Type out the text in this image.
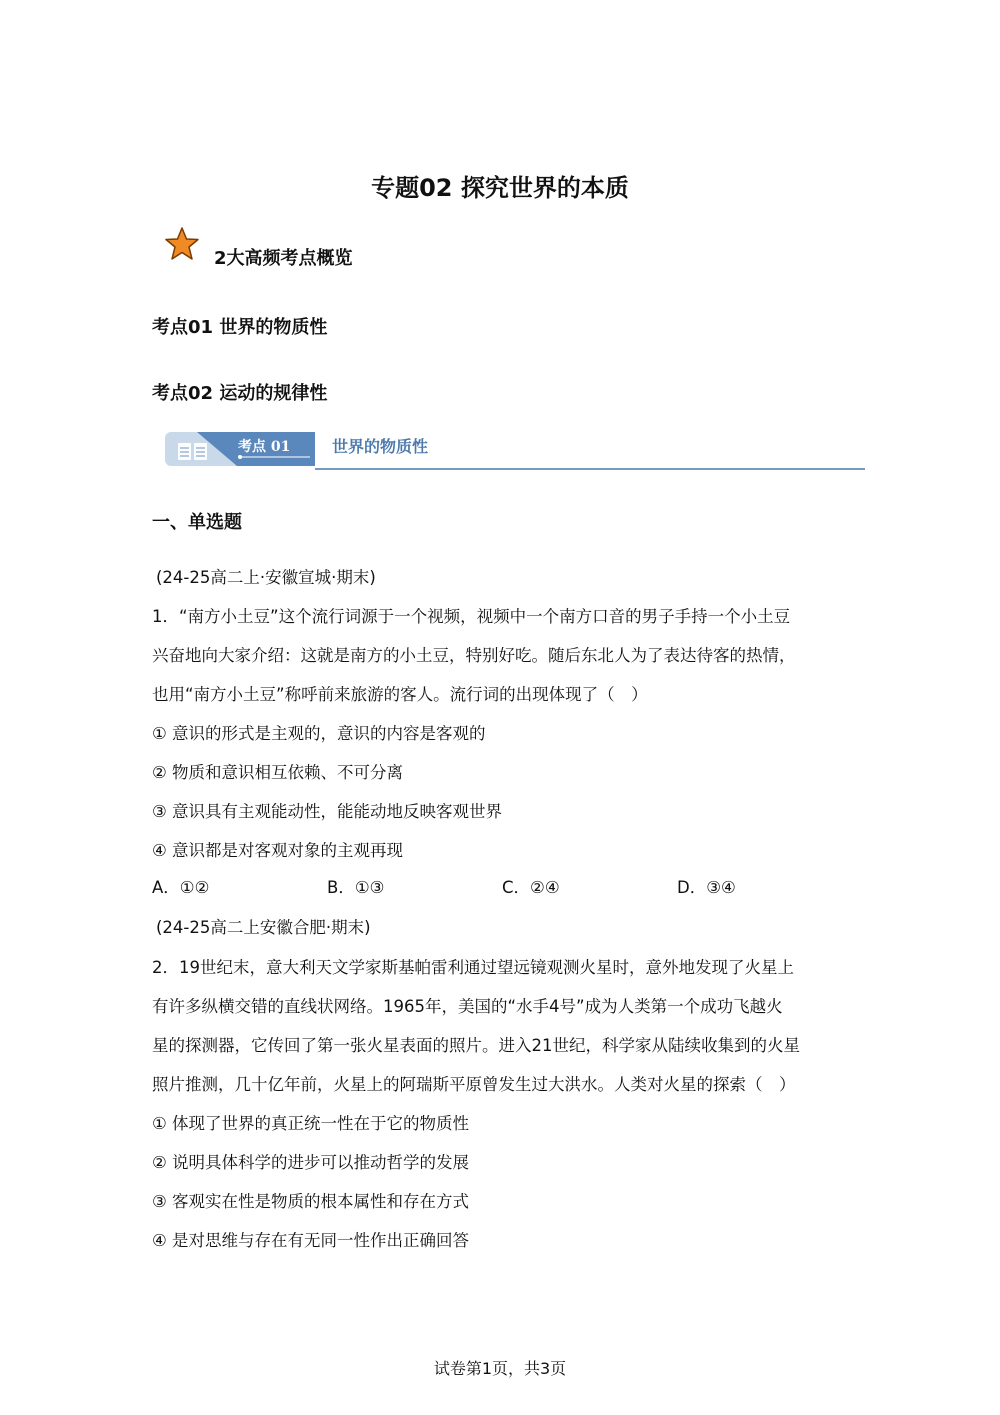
专题02 探究世界的本质
2大高频考点概览
考点01 世界的物质性
考点02 运动的规律性
考点 01	世界的物质性
一、单选题
(24-25高二上·安徽宣城·期末)
1．“南方小土豆”这个流行词源于一个视频，视频中一个南方口音的男子手持一个小土豆
兴奋地向大家介绍：这就是南方的小土豆，特别好吃。随后东北人为了表达待客的热情，
也用“南方小土豆”称呼前来旅游的客人。流行词的出现体现了（　）
① 意识的形式是主观的，意识的内容是客观的
② 物质和意识相互依赖、不可分离
③ 意识具有主观能动性，能能动地反映客观世界
④ 意识都是对客观对象的主观再现
A．①②	B．①③	C．②④	D．③④
(24-25高二上安徽合肥·期末)
2．19世纪末，意大利天文学家斯基帕雷利通过望远镜观测火星时，意外地发现了火星上
有许多纵横交错的直线状网络。1965年，美国的“水手4号”成为人类第一个成功飞越火
星的探测器，它传回了第一张火星表面的照片。进入21世纪，科学家从陆续收集到的火星
照片推测，几十亿年前，火星上的阿瑞斯平原曾发生过大洪水。人类对火星的探索（　）
① 体现了世界的真正统一性在于它的物质性
② 说明具体科学的进步可以推动哲学的发展
③ 客观实在性是物质的根本属性和存在方式
④ 是对思维与存在有无同一性作出正确回答
试卷第1页，共3页
